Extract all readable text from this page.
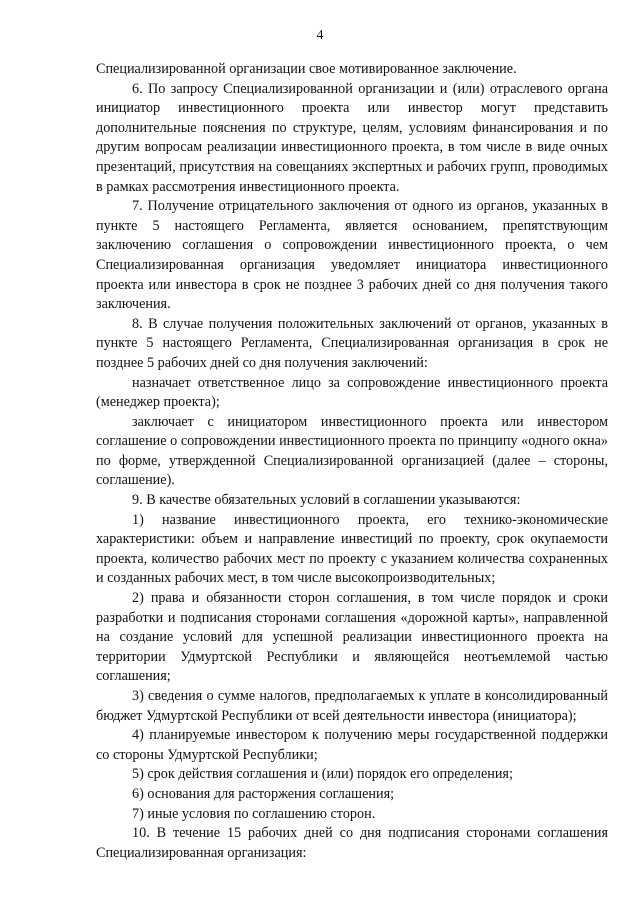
4

Специализированной организации свое мотивированное заключение.

6. По запросу Специализированной организации и (или) отраслевого органа инициатор инвестиционного проекта или инвестор могут представить дополнительные пояснения по структуре, целям, условиям финансирования и по другим вопросам реализации инвестиционного проекта, в том числе в виде очных презентаций, присутствия на совещаниях экспертных и рабочих групп, проводимых в рамках рассмотрения инвестиционного проекта.

7. Получение отрицательного заключения от одного из органов, указанных в пункте 5 настоящего Регламента, является основанием, препятствующим заключению соглашения о сопровождении инвестиционного проекта, о чем Специализированная организация уведомляет инициатора инвестиционного проекта или инвестора в срок не позднее 3 рабочих дней со дня получения такого заключения.

8. В случае получения положительных заключений от органов, указанных в пункте 5 настоящего Регламента, Специализированная организация в срок не позднее 5 рабочих дней со дня получения заключений:

назначает ответственное лицо за сопровождение инвестиционного проекта (менеджер проекта);

заключает с инициатором инвестиционного проекта или инвестором соглашение о сопровождении инвестиционного проекта по принципу «одного окна» по форме, утвержденной Специализированной организацией (далее – стороны, соглашение).

9. В качестве обязательных условий в соглашении указываются:

1) название инвестиционного проекта, его технико-экономические характеристики: объем и направление инвестиций по проекту, срок окупаемости проекта, количество рабочих мест по проекту с указанием количества сохраненных и созданных рабочих мест, в том числе высокопроизводительных;

2) права и обязанности сторон соглашения, в том числе порядок и сроки разработки и подписания сторонами соглашения «дорожной карты», направленной на создание условий для успешной реализации инвестиционного проекта на территории Удмуртской Республики и являющейся неотъемлемой частью соглашения;

3) сведения о сумме налогов, предполагаемых к уплате в консолидированный бюджет Удмуртской Республики от всей деятельности инвестора (инициатора);

4) планируемые инвестором к получению меры государственной поддержки со стороны Удмуртской Республики;

5) срок действия соглашения и (или) порядок его определения;

6) основания для расторжения соглашения;

7) иные условия по соглашению сторон.

10. В течение 15 рабочих дней со дня подписания сторонами соглашения Специализированная организация:
